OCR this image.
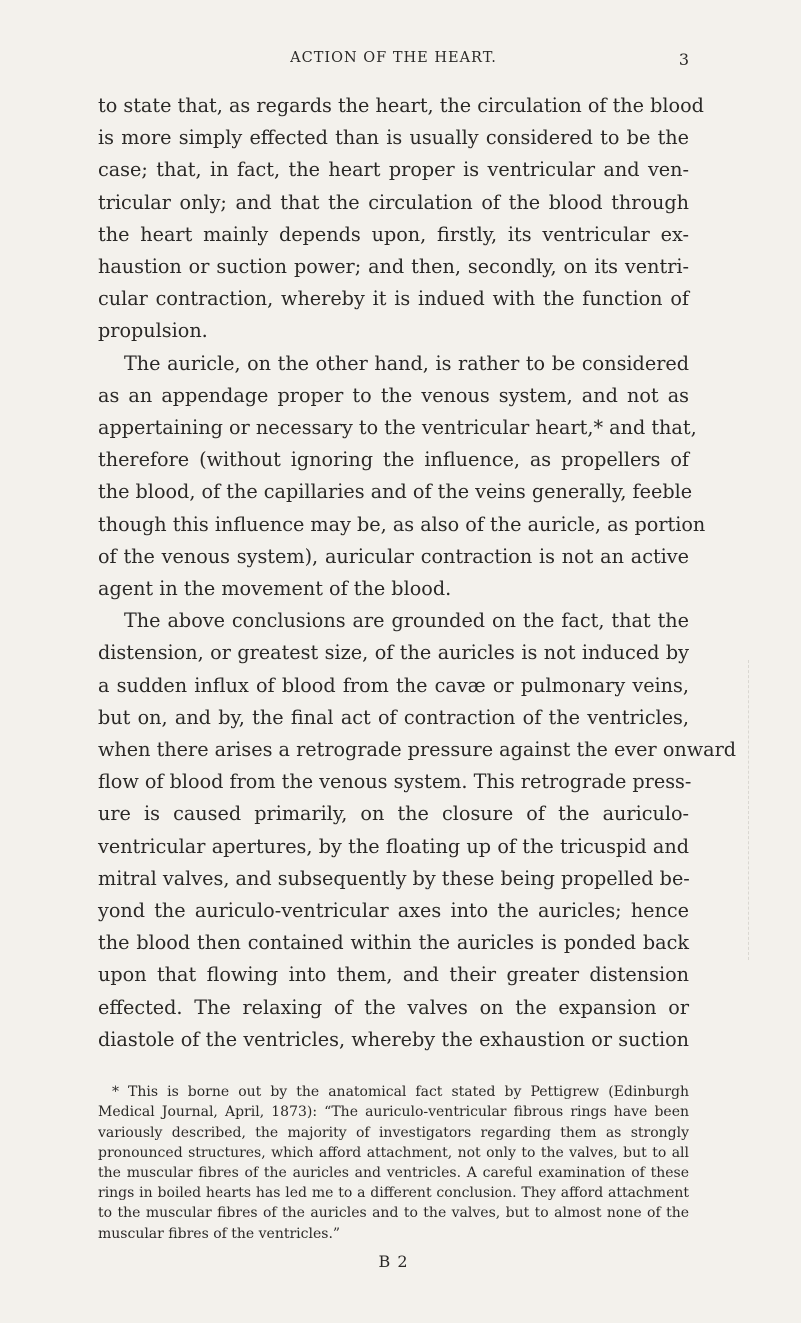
ACTION OF THE HEART.	3

to state that, as regards the heart, the circulation of the blood
is more simply effected than is usually considered to be the
case; that, in fact, the heart proper is ventricular and ven-
tricular only; and that the circulation of the blood through
the heart mainly depends upon, firstly, its ventricular ex-
haustion or suction power; and then, secondly, on its ventri-
cular contraction, whereby it is indued with the function of
propulsion.

The auricle, on the other hand, is rather to be considered
as an appendage proper to the venous system, and not as
appertaining or necessary to the ventricular heart,* and that,
therefore (without ignoring the influence, as propellers of
the blood, of the capillaries and of the veins generally, feeble
though this influence may be, as also of the auricle, as portion
of the venous system), auricular contraction is not an active
agent in the movement of the blood.

The above conclusions are grounded on the fact, that the
distension, or greatest size, of the auricles is not induced by
a sudden influx of blood from the cavæ or pulmonary veins,
but on, and by, the final act of contraction of the ventricles,
when there arises a retrograde pressure against the ever onward
flow of blood from the venous system. This retrograde press-
ure is caused primarily, on the closure of the auriculo-
ventricular apertures, by the floating up of the tricuspid and
mitral valves, and subsequently by these being propelled be-
yond the auriculo-ventricular axes into the auricles; hence
the blood then contained within the auricles is ponded back
upon that flowing into them, and their greater distension
effected. The relaxing of the valves on the expansion or
diastole of the ventricles, whereby the exhaustion or suction

* This is borne out by the anatomical fact stated by Pettigrew (Edinburgh Medical Journal, April, 1873): “The auriculo-ventricular fibrous rings have been variously described, the majority of investigators regarding them as strongly pronounced structures, which afford attachment, not only to the valves, but to all the muscular fibres of the auricles and ventricles. A careful examination of these rings in boiled hearts has led me to a different conclusion. They afford attachment to the muscular fibres of the auricles and to the valves, but to almost none of the muscular fibres of the ventricles.”
B 2
